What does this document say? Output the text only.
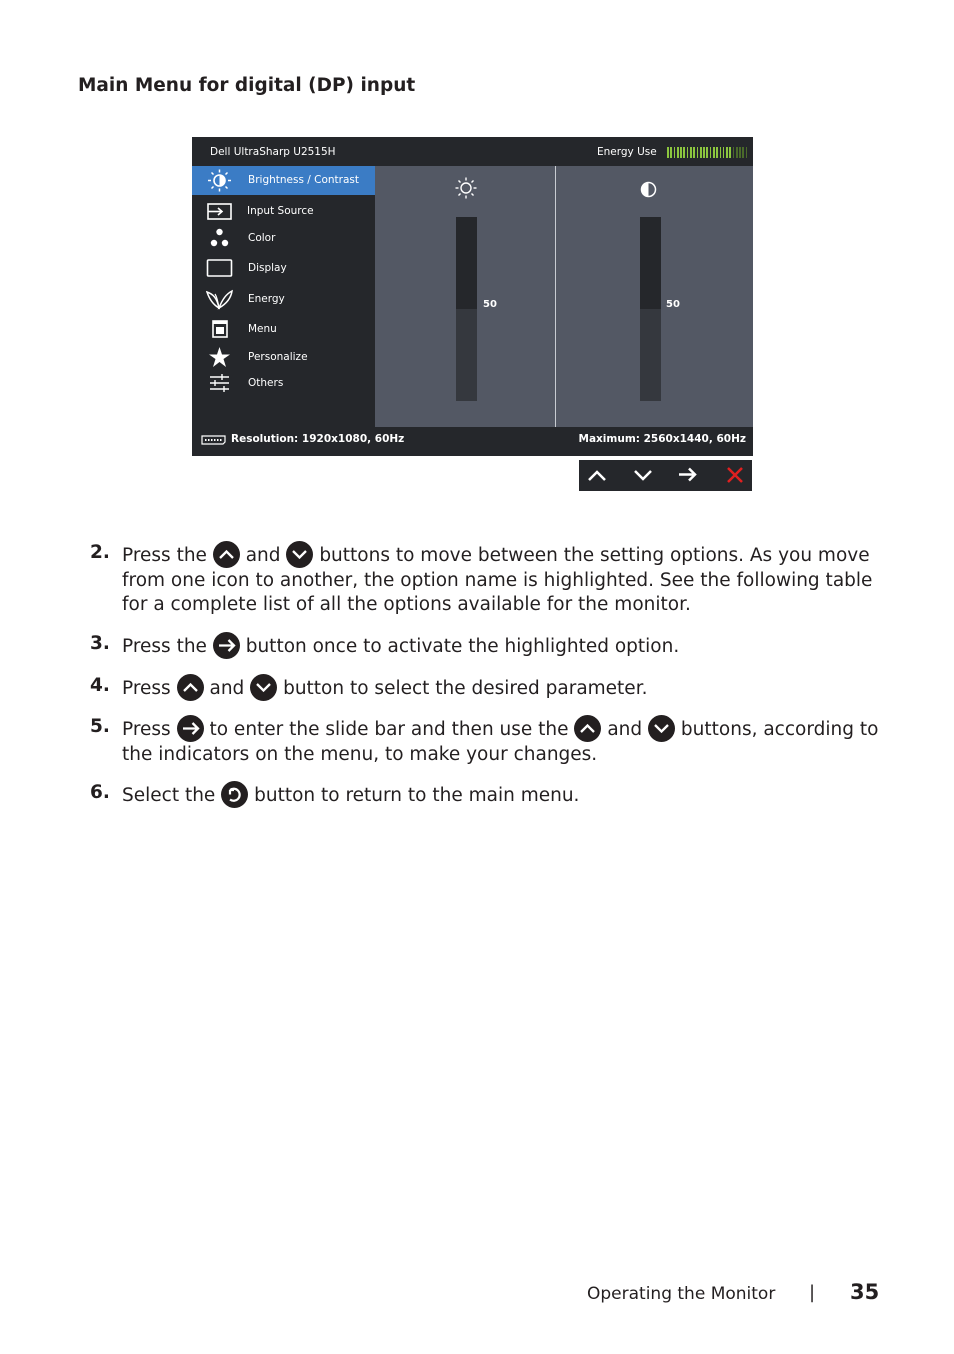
Main Menu for digital (DP) input
Dell UltraSharp U2515H	Energy Use
Brightness / Contrast
Input Source
Color
Display
Energy
Menu
Personalize
Others
50	50
Resolution: 1920x1080, 60Hz	Maximum: 2560x1440, 60Hz
2. Press the and buttons to move between the setting options. As you move from one icon to another, the option name is highlighted. See the following table for a complete list of all the options available for the monitor.
3. Press the button once to activate the highlighted option.
4. Press and button to select the desired parameter.
5. Press to enter the slide bar and then use the and buttons, according to the indicators on the menu, to make your changes.
6. Select the button to return to the main menu.
Operating the Monitor | 35
